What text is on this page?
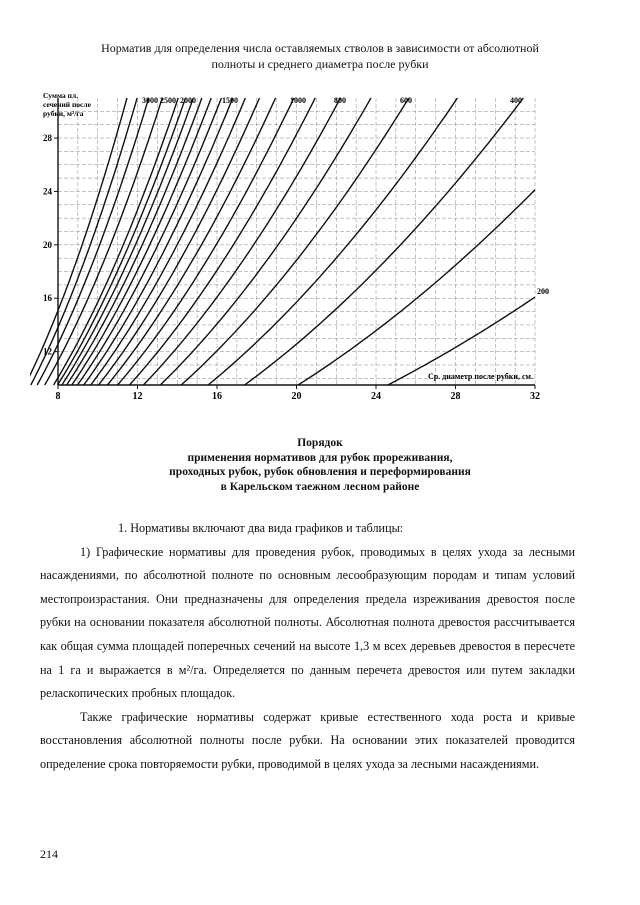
Норматив для определения числа оставляемых стволов в зависимости от абсолютной
полноты и среднего диаметра после рубки
8	12	16	20	24	28	32
12
16
20
24
28
Сумма пл.
сечений после
рубки, м²/га
Ср. диаметр после рубки, см.
3000 2500 2000	1500	1000	800	600	400
200
Порядок
применения нормативов для рубок прореживания,
проходных рубок, рубок обновления и переформирования
в Карельском таежном лесном районе

1. Нормативы включают два вида графиков и таблицы:

1) Графические нормативы для проведения рубок, проводимых в целях ухода за лесными насаждениями, по абсолютной полноте по основным лесообразующим породам и типам условий местопроизрастания. Они предназначены для определения предела изреживания древостоя после рубки на основании показателя абсолютной полноты. Абсолютная полнота древостоя рассчитывается как общая сумма площадей поперечных сечений на высоте 1,3 м всех деревьев древостоя в пересчете на 1 га и выражается в м²/га. Определяется по данным перечета древостоя или путем закладки реласкопических пробных площадок.

Также графические нормативы содержат кривые естественного хода роста и кривые восстановления абсолютной полноты после рубки. На основании этих показателей проводится определение срока повторяемости рубки, проводимой в целях ухода за лесными насаждениями.

214
